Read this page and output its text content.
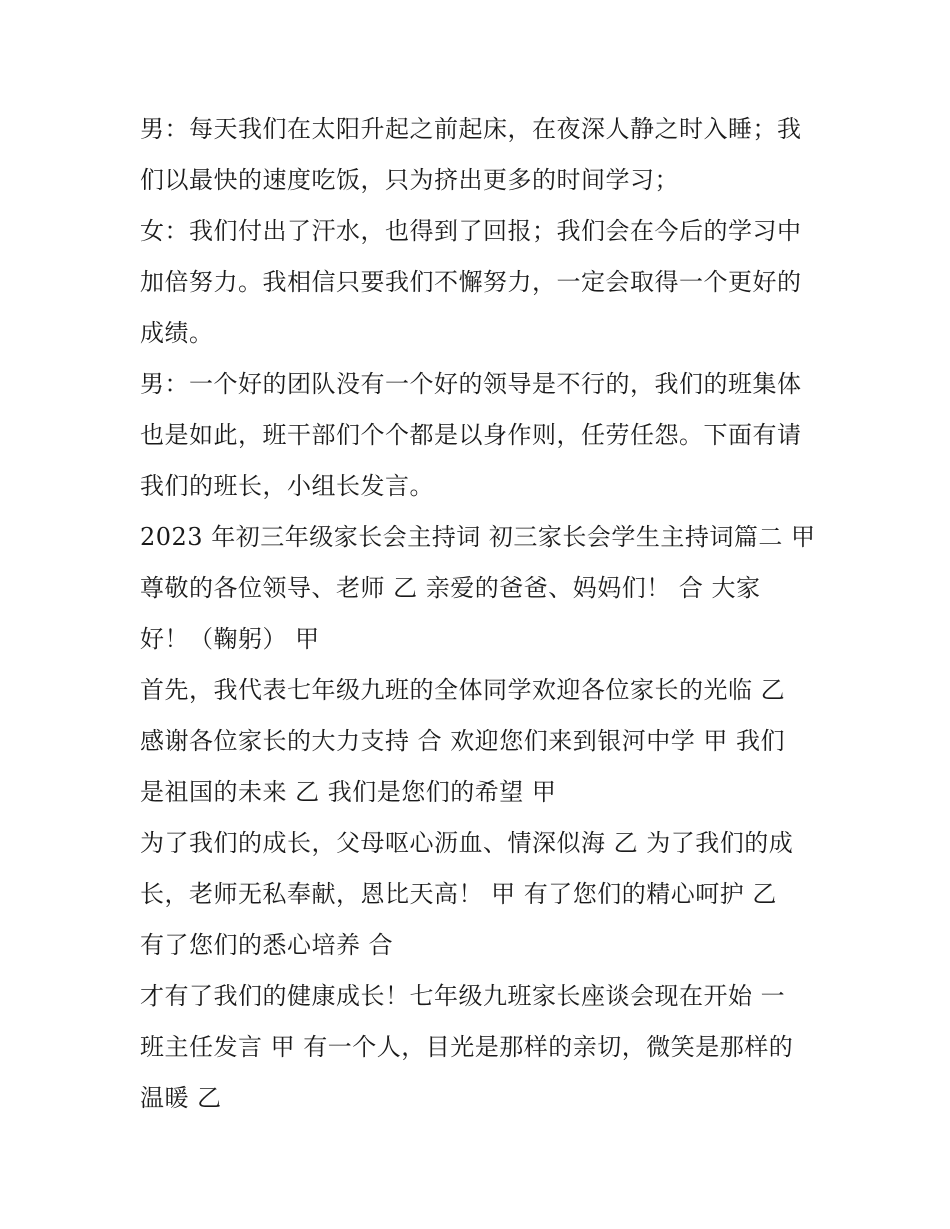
男：每天我们在太阳升起之前起床，在夜深人静之时入睡；我
们以最快的速度吃饭，只为挤出更多的时间学习；
女：我们付出了汗水，也得到了回报；我们会在今后的学习中
加倍努力。我相信只要我们不懈努力，一定会取得一个更好的
成绩。
男：一个好的团队没有一个好的领导是不行的，我们的班集体
也是如此，班干部们个个都是以身作则，任劳任怨。下面有请
我们的班长，小组长发言。
2023 年初三年级家长会主持词 初三家长会学生主持词篇二 甲
尊敬的各位领导、老师 乙 亲爱的爸爸、妈妈们！ 合 大家
好！（鞠躬） 甲
首先，我代表七年级九班的全体同学欢迎各位家长的光临 乙
感谢各位家长的大力支持 合 欢迎您们来到银河中学 甲 我们
是祖国的未来 乙 我们是您们的希望 甲
为了我们的成长，父母呕心沥血、情深似海 乙 为了我们的成
长，老师无私奉献，恩比天高！ 甲 有了您们的精心呵护 乙
有了您们的悉心培养 合
才有了我们的健康成长！七年级九班家长座谈会现在开始 一
班主任发言 甲 有一个人，目光是那样的亲切，微笑是那样的
温暖 乙
